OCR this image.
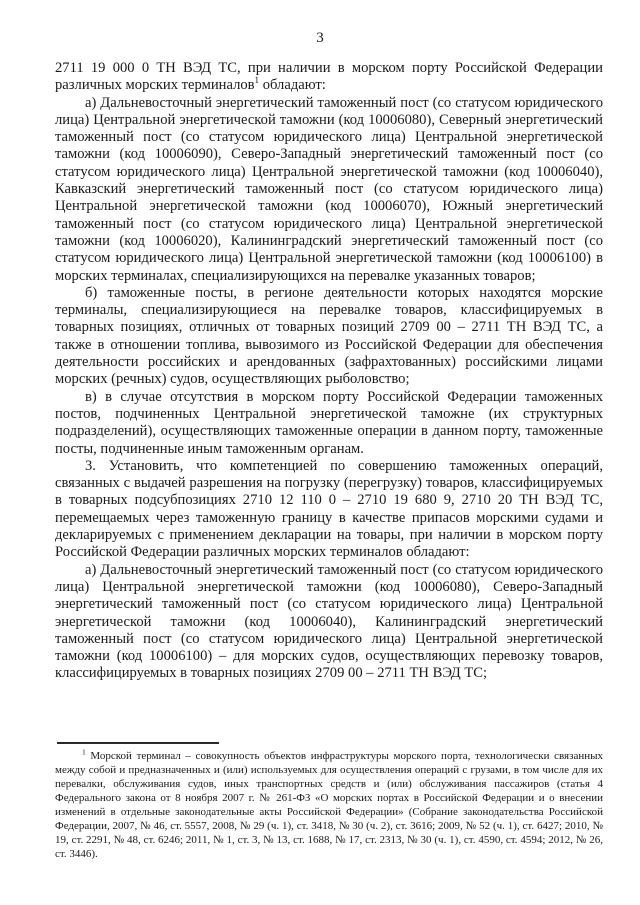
3

2711 19 000 0 ТН ВЭД ТС, при наличии в морском порту Российской Федерации различных морских терминалов$^1$ обладают:

а) Дальневосточный энергетический таможенный пост (со статусом юридического лица) Центральной энергетической таможни (код 10006080), Северный энергетический таможенный пост (со статусом юридического лица) Центральной энергетической таможни (код 10006090), Северо-Западный энергетический таможенный пост (со статусом юридического лица) Центральной энергетической таможни (код 10006040), Кавказский энергетический таможенный пост (со статусом юридического лица) Центральной энергетической таможни (код 10006070), Южный энергетический таможенный пост (со статусом юридического лица) Центральной энергетической таможни (код 10006020), Калининградский энергетический таможенный пост (со статусом юридического лица) Центральной энергетической таможни (код 10006100) в морских терминалах, специализирующихся на перевалке указанных товаров;

б) таможенные посты, в регионе деятельности которых находятся морские терминалы, специализирующиеся на перевалке товаров, классифицируемых в товарных позициях, отличных от товарных позиций 2709 00 – 2711 ТН ВЭД ТС, а также в отношении топлива, вывозимого из Российской Федерации для обеспечения деятельности российских и арендованных (зафрахтованных) российскими лицами морских (речных) судов, осуществляющих рыболовство;

в) в случае отсутствия в морском порту Российской Федерации таможенных постов, подчиненных Центральной энергетической таможне (их структурных подразделений), осуществляющих таможенные операции в данном порту, таможенные посты, подчиненные иным таможенным органам.

3. Установить, что компетенцией по совершению таможенных операций, связанных с выдачей разрешения на погрузку (перегрузку) товаров, классифицируемых в товарных подсубпозициях 2710 12 110 0 – 2710 19 680 9, 2710 20 ТН ВЭД ТС, перемещаемых через таможенную границу в качестве припасов морскими судами и декларируемых с применением декларации на товары, при наличии в морском порту Российской Федерации различных морских терминалов обладают:

а) Дальневосточный энергетический таможенный пост (со статусом юридического лица) Центральной энергетической таможни (код 10006080), Северо-Западный энергетический таможенный пост (со статусом юридического лица) Центральной энергетической таможни (код 10006040), Калининградский энергетический таможенный пост (со статусом юридического лица) Центральной энергетической таможни (код 10006100) – для морских судов, осуществляющих перевозку товаров, классифицируемых в товарных позициях 2709 00 – 2711 ТН ВЭД ТС;

$^1$ Морской терминал – совокупность объектов инфраструктуры морского порта, технологически связанных между собой и предназначенных и (или) используемых для осуществления операций с грузами, в том числе для их перевалки, обслуживания судов, иных транспортных средств и (или) обслуживания пассажиров (статья 4 Федерального закона от 8 ноября 2007 г. № 261-ФЗ «О морских портах в Российской Федерации и о внесении изменений в отдельные законодательные акты Российской Федерации» (Собрание законодательства Российской Федерации, 2007, № 46, ст. 5557, 2008, № 29 (ч. 1), ст. 3418, № 30 (ч. 2), ст. 3616; 2009, № 52 (ч. 1), ст. 6427; 2010, № 19, ст. 2291, № 48, ст. 6246; 2011, № 1, ст. 3, № 13, ст. 1688, № 17, ст. 2313, № 30 (ч. 1), ст. 4590, ст. 4594; 2012, № 26, ст. 3446).
